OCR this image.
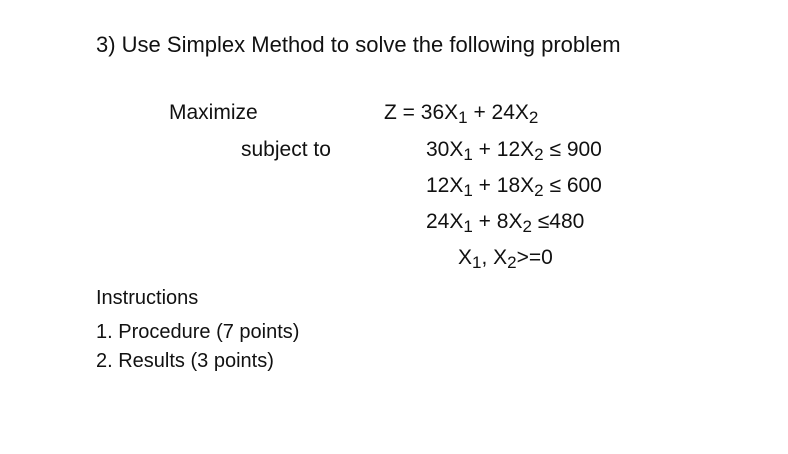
3) Use Simplex Method to solve the following problem
Maximize
subject to
$Z = 36X_1 + 24X_2$
$30X_1 + 12X_2 \le 900$
$12X_1 + 18X_2 \le 600$
$24X_1 + 8X_2 \le 480$
$X_1$, $X_2>=0$
Instructions
1. Procedure (7 points)
2. Results (3 points)
